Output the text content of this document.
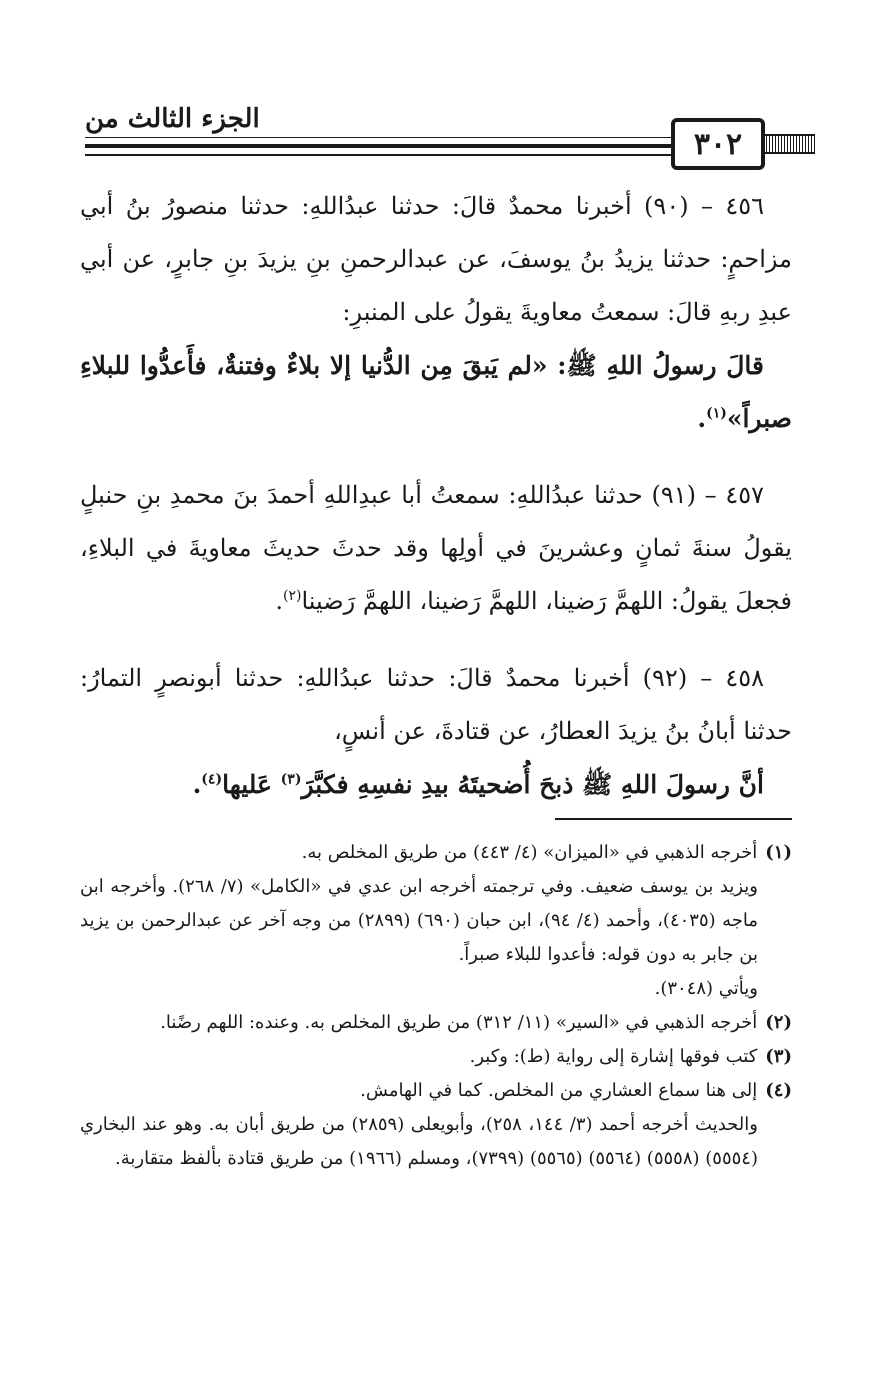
الجزء الثالث من
٣٠٢
٤٥٦ – (٩٠) أخبرنا محمدٌ قالَ: حدثنا عبدُاللهِ: حدثنا منصورُ بنُ أبي مزاحمٍ: حدثنا يزيدُ بنُ يوسفَ، عن عبدالرحمنِ بنِ يزيدَ بنِ جابرٍ، عن أبي عبدِ ربهِ قالَ: سمعتُ معاويةَ يقولُ على المنبرِ:
قالَ رسولُ اللهِ ﷺ: «لم يَبقَ مِن الدُّنيا إلا بلاءٌ وفتنةٌ، فأَعدُّوا للبلاءِ صبراً»$^{(١)}$.
٤٥٧ – (٩١) حدثنا عبدُاللهِ: سمعتُ أبا عبدِاللهِ أحمدَ بنَ محمدِ بنِ حنبلٍ يقولُ سنةَ ثمانٍ وعشرينَ في أولِها وقد حدثَ حديثَ معاويةَ في البلاءِ، فجعلَ يقولُ: اللهمَّ رَضينا، اللهمَّ رَضينا، اللهمَّ رَضينا$^{(٢)}$.
٤٥٨ – (٩٢) أخبرنا محمدٌ قالَ: حدثنا عبدُاللهِ: حدثنا أبونصرٍ التمارُ: حدثنا أبانُ بنُ يزيدَ العطارُ، عن قتادةَ، عن أنسٍ،
أنَّ رسولَ اللهِ ﷺ ذبحَ أُضحيتَهُ بيدِ نفسِهِ فكبَّرَ$^{(٣)}$ عَليها$^{(٤)}$.

(١)أخرجه الذهبي في «الميزان» (٤/ ٤٤٣) من طريق المخلص به.

ويزيد بن يوسف ضعيف. وفي ترجمته أخرجه ابن عدي في «الكامل» (٧/ ٢٦٨). وأخرجه ابن ماجه (٤٠٣٥)، وأحمد (٤/ ٩٤)، ابن حبان (٦٩٠) (٢٨٩٩) من وجه آخر عن عبدالرحمن بن يزيد بن جابر به دون قوله: فأعدوا للبلاء صبراً.
ويأتي (٣٠٤٨).

(٢)أخرجه الذهبي في «السير» (١١/ ٣١٢) من طريق المخلص به. وعنده: اللهم رضًنا.

(٣)كتب فوقها إشارة إلى رواية (ط): وكبر.

(٤)إلى هنا سماع العشاري من المخلص. كما في الهامش.

والحديث أخرجه أحمد (٣/ ١٤٤، ٢٥٨)، وأبويعلى (٢٨٥٩) من طريق أبان به. وهو عند البخاري (٥٥٥٤) (٥٥٥٨) (٥٥٦٤) (٥٥٦٥) (٧٣٩٩)، ومسلم (١٩٦٦) من طريق قتادة بألفظ متقاربة.
